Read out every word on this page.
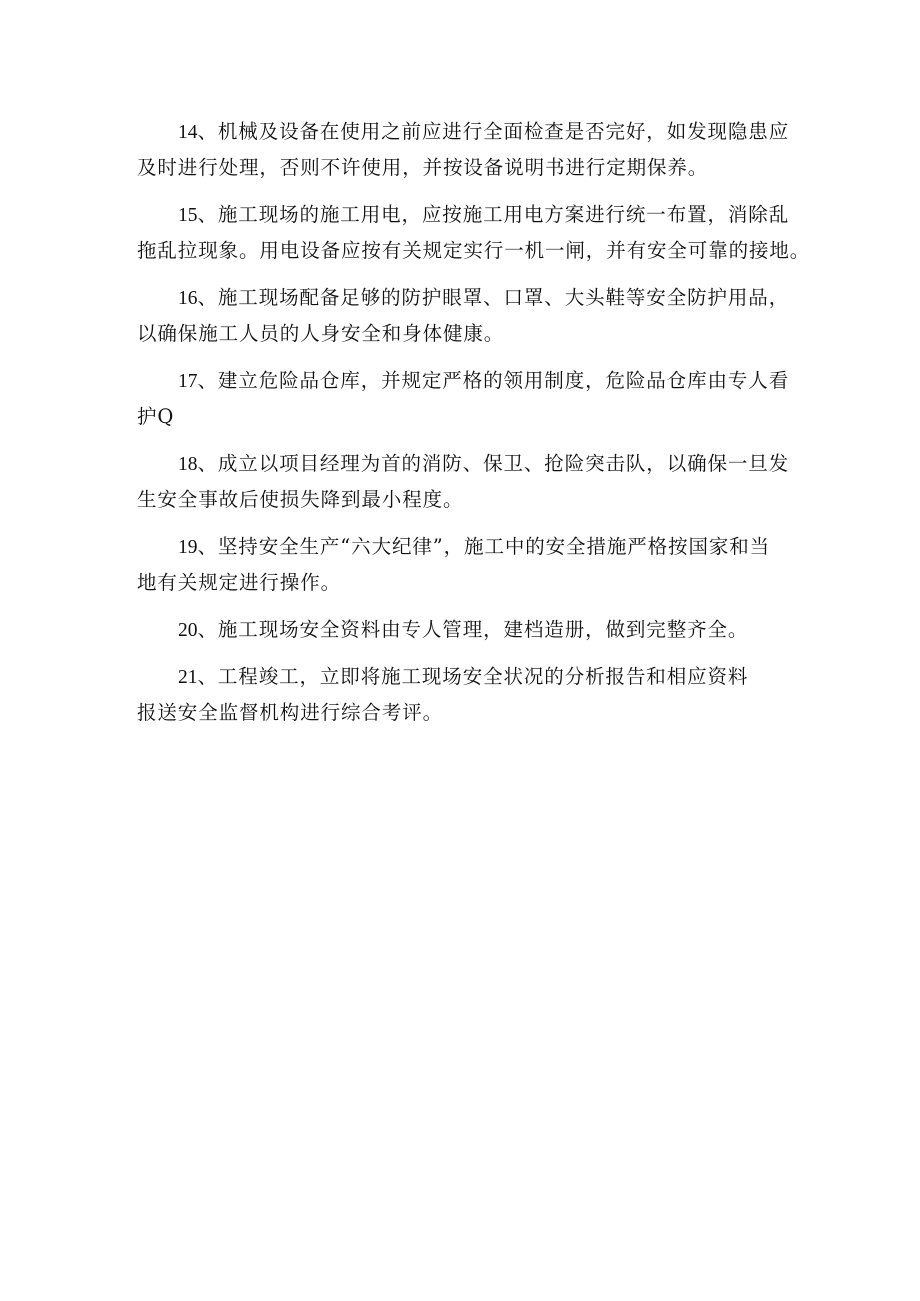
14、机械及设备在使用之前应进行全面检查是否完好，如发现隐患应
及时进行处理，否则不许使用，并按设备说明书进行定期保养。

15、施工现场的施工用电，应按施工用电方案进行统一布置，消除乱
拖乱拉现象。用电设备应按有关规定实行一机一闸，并有安全可靠的接地。

16、施工现场配备足够的防护眼罩、口罩、大头鞋等安全防护用品，
以确保施工人员的人身安全和身体健康。

17、建立危险品仓库，并规定严格的领用制度，危险品仓库由专人看
护Q

18、成立以项目经理为首的消防、保卫、抢险突击队，以确保一旦发
生安全事故后使损失降到最小程度。

19、坚持安全生产“六大纪律”，施工中的安全措施严格按国家和当
地有关规定进行操作。

20、施工现场安全资料由专人管理，建档造册，做到完整齐全。

21、工程竣工，立即将施工现场安全状况的分析报告和相应资料
报送安全监督机构进行综合考评。
